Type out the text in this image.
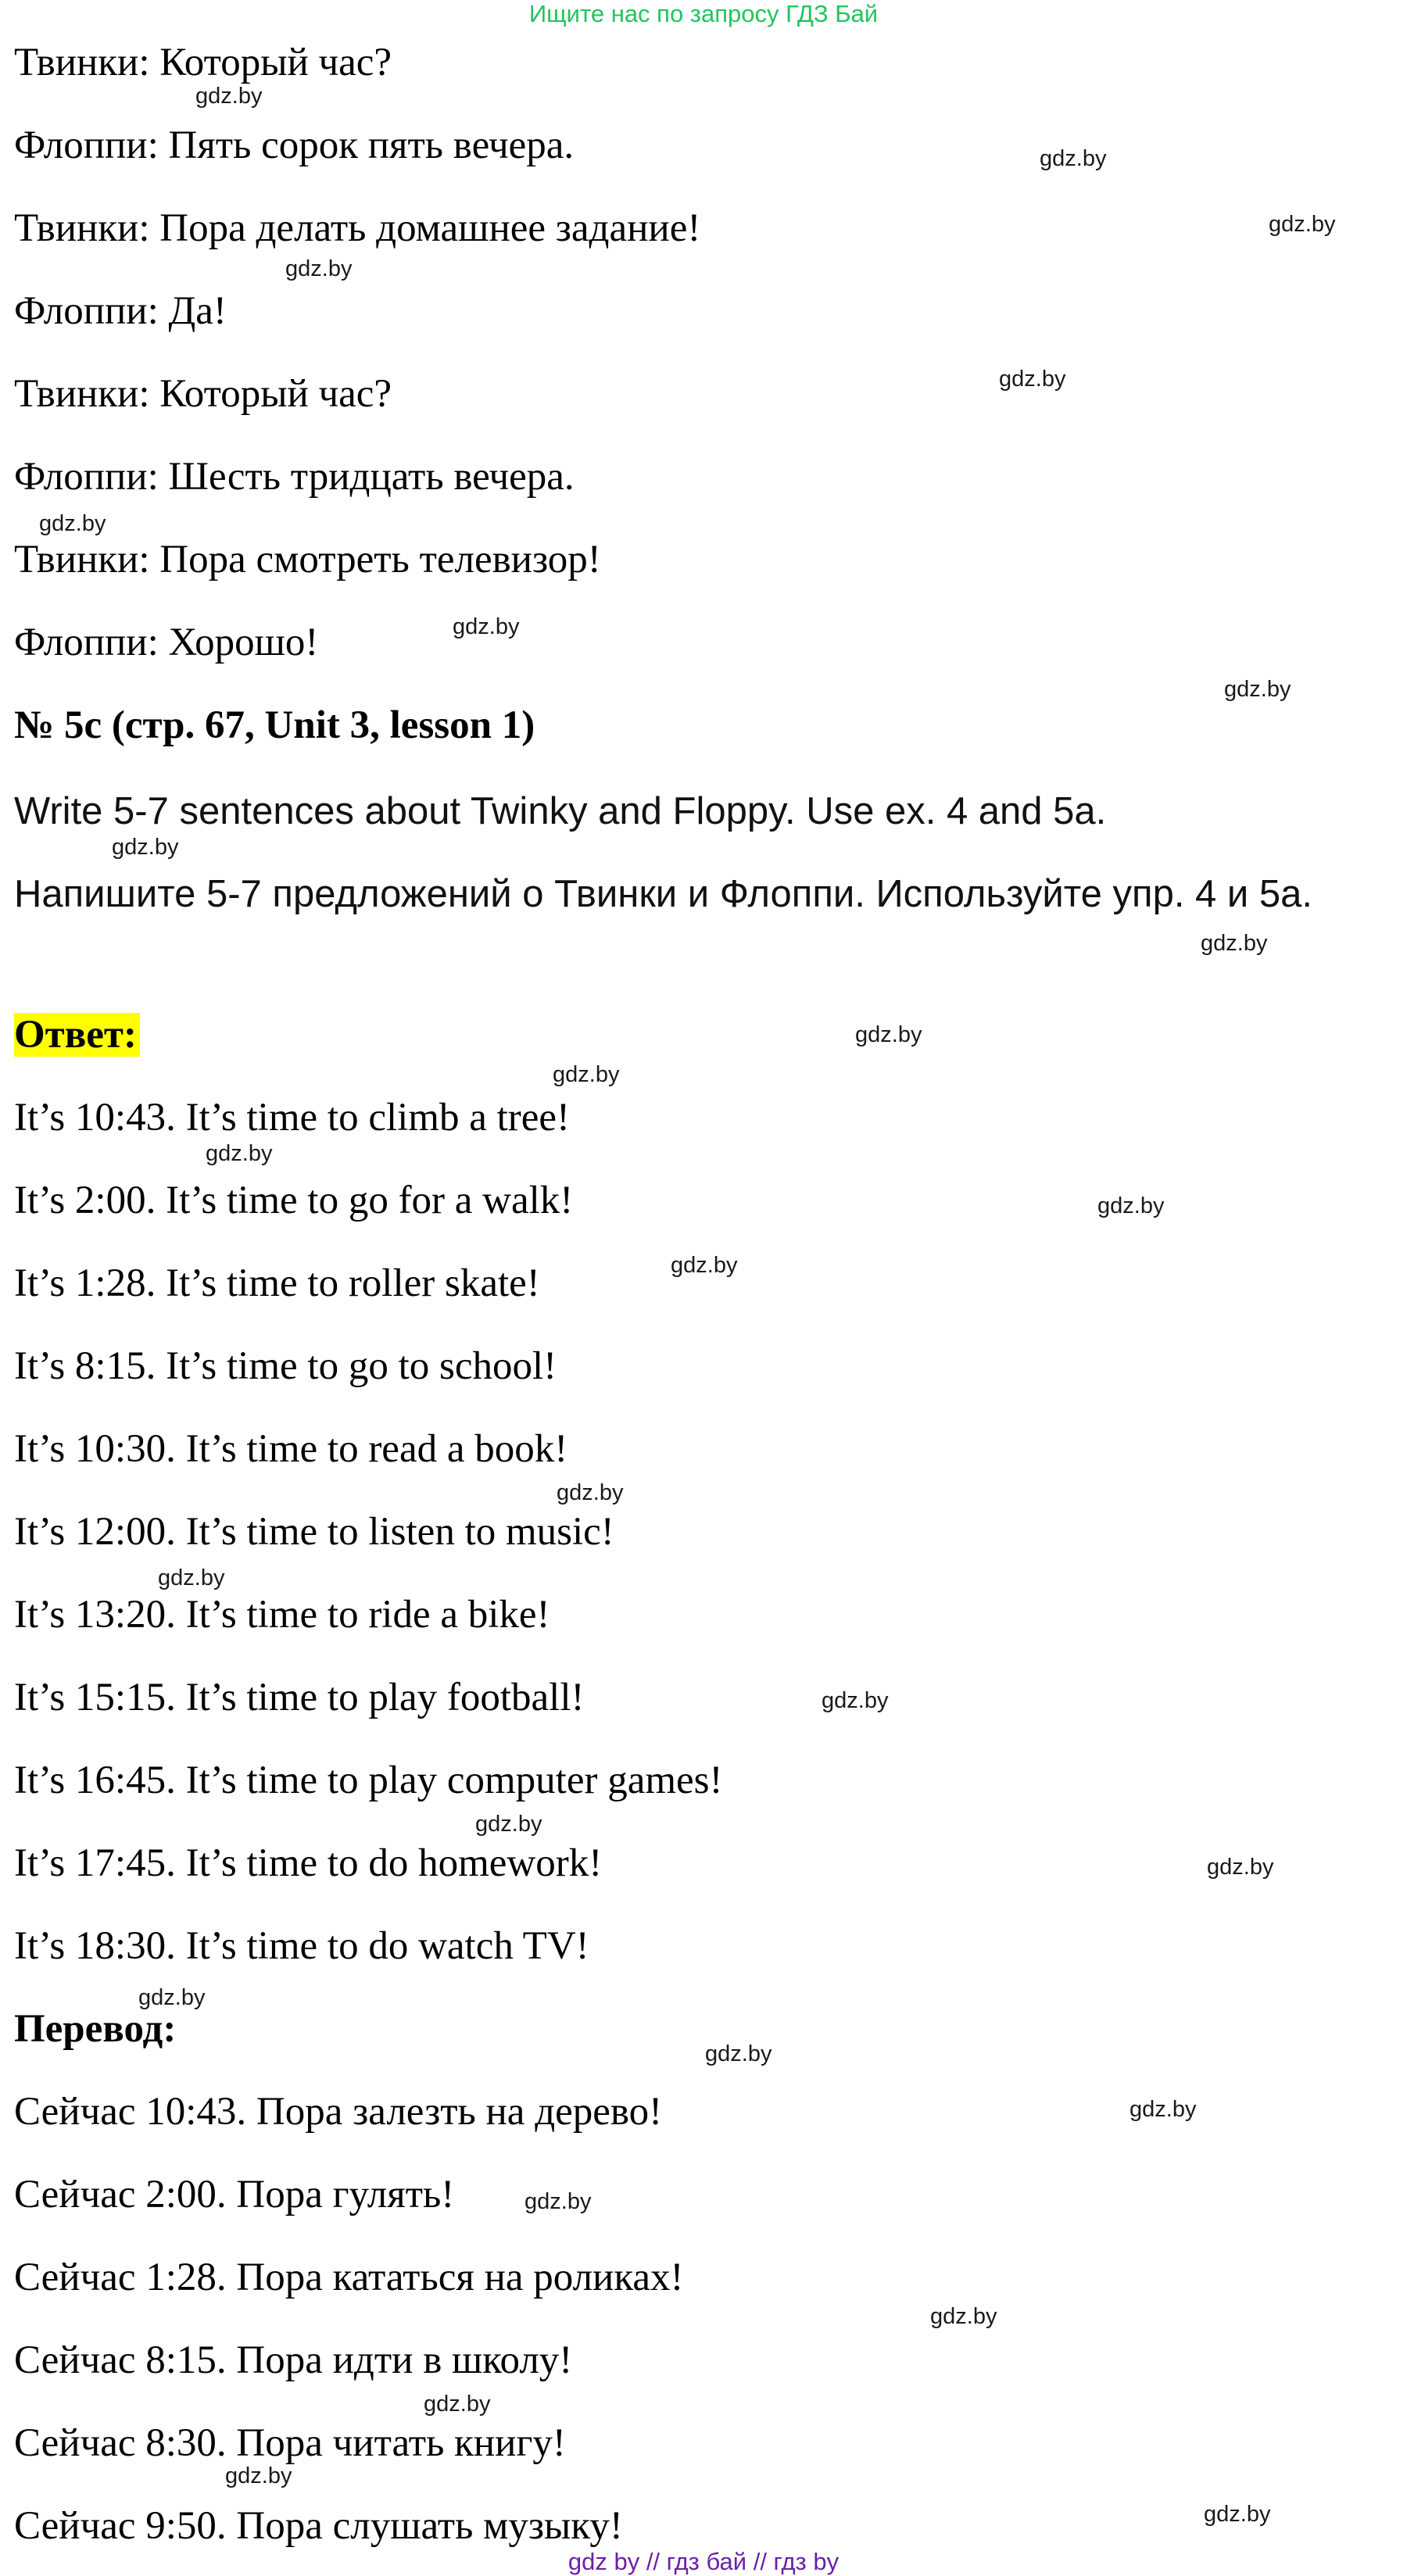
Ищите нас по запросу ГДЗ Бай
Твинки: Который час?
Флоппи: Пять сорок пять вечера.
Твинки: Пора делать домашнее задание!
Флоппи: Да!
Твинки: Который час?
Флоппи: Шесть тридцать вечера.
Твинки: Пора смотреть телевизор!
Флоппи: Хорошо!
№ 5c (стр. 67, Unit 3, lesson 1)
Write 5-7 sentences about Twinky and Floppy. Use ex. 4 and 5a.
Напишите 5-7 предложений о Твинки и Флоппи. Используйте упр. 4 и 5a.
Ответ:
It’s 10:43. It’s time to climb a tree!
It’s 2:00. It’s time to go for a walk!
It’s 1:28. It’s time to roller skate!
It’s 8:15. It’s time to go to school!
It’s 10:30. It’s time to read a book!
It’s 12:00. It’s time to listen to music!
It’s 13:20. It’s time to ride a bike!
It’s 15:15. It’s time to play football!
It’s 16:45. It’s time to play computer games!
It’s 17:45. It’s time to do homework!
It’s 18:30. It’s time to do watch TV!
Перевод:
Сейчас 10:43. Пора залезть на дерево!
Сейчас 2:00. Пора гулять!
Сейчас 1:28. Пора кататься на роликах!
Сейчас 8:15. Пора идти в школу!
Сейчас 8:30. Пора читать книгу!
Сейчас 9:50. Пора слушать музыку!
gdz.by
gdz.by
gdz.by
gdz.by
gdz.by
gdz.by
gdz.by
gdz.by
gdz.by
gdz.by
gdz.by
gdz.by
gdz.by
gdz.by
gdz.by
gdz.by
gdz.by
gdz.by
gdz.by
gdz.by
gdz.by
gdz.by
gdz.by
gdz.by
gdz.by
gdz.by
gdz.by
gdz.by
gdz by // гдз бай // гдз by
